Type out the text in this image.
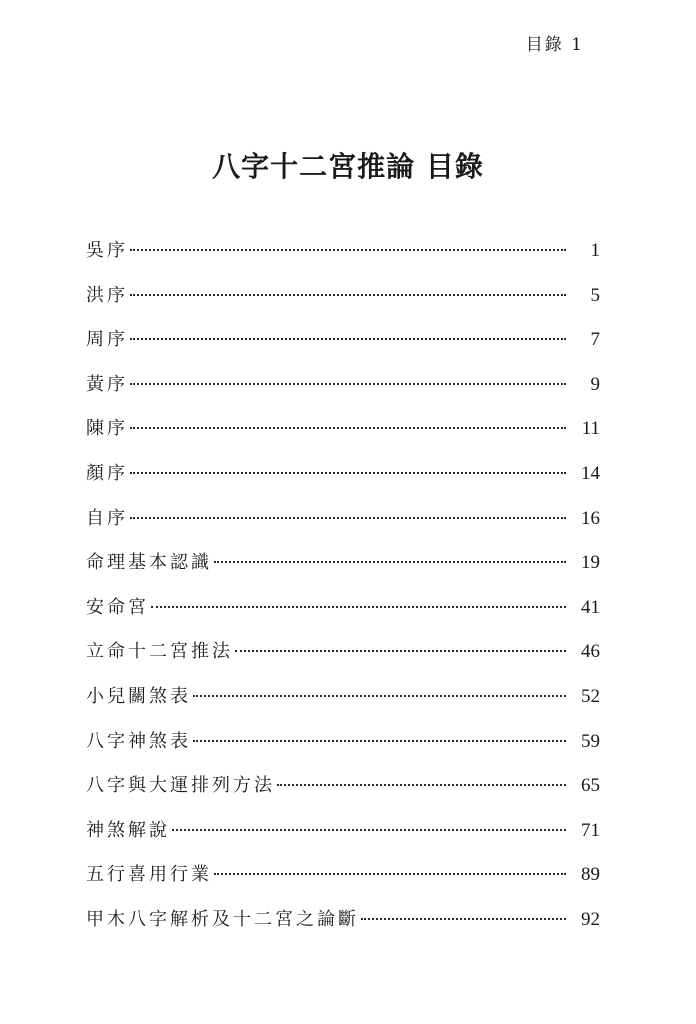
目錄 1
八字十二宮推論 目錄
吳序	1
洪序	5
周序	7
黃序	9
陳序	11
顏序	14
自序	16
命理基本認識	19
安命宮	41
立命十二宮推法	46
小兒關煞表	52
八字神煞表	59
八字與大運排列方法	65
神煞解說	71
五行喜用行業	89
甲木八字解析及十二宮之論斷	92
